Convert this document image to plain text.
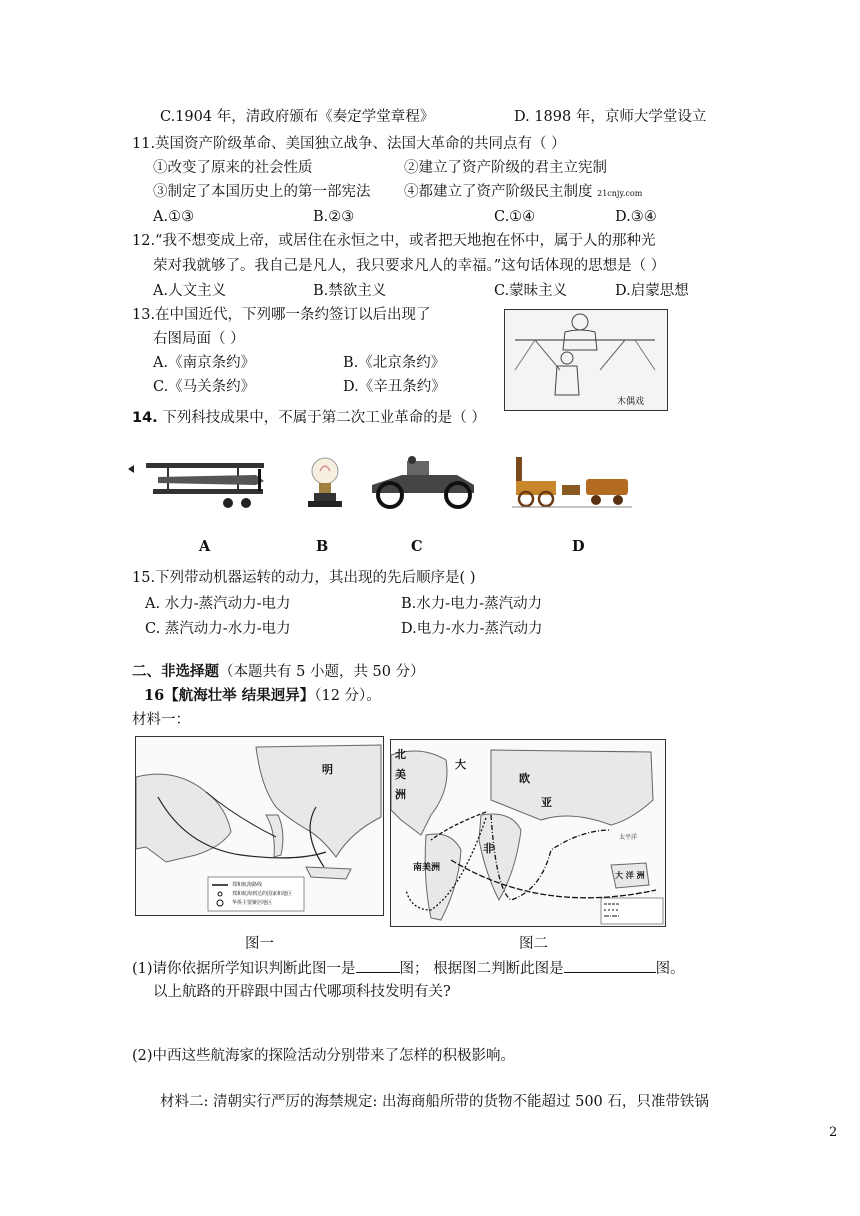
C.1904 年，清政府颁布《奏定学堂章程》	D. 1898 年，京师大学堂设立
11.英国资产阶级革命、美国独立战争、法国大革命的共同点有（ ）
①改变了原来的社会性质	②建立了资产阶级的君主立宪制
③制定了本国历史上的第一部宪法 ④都建立了资产阶级民主制度 21cnjy.com
A.①③	B.②③	C.①④	D.③④
12.“我不想变成上帝，或居住在永恒之中，或者把天地抱在怀中，属于人的那种光
荣对我就够了。我自己是凡人，我只要求凡人的幸福。”这句话体现的思想是（ ）
A.人文主义	B.禁欲主义	C.蒙昧主义	D.启蒙思想
13.在中国近代，下列哪一条约签订以后出现了
右图局面（ ）
A.《南京条约》	B.《北京条约》
C.《马关条约》	D.《辛丑条约》
木偶戏
14. 下列科技成果中，不属于第二次工业革命的是（ ）
A	B	C	D
15.下列带动机器运转的动力，其出现的先后顺序是( )
A. 水力-蒸汽动力-电力	B.水力-电力-蒸汽动力
C. 蒸汽动力-水力-电力	D.电力-水力-蒸汽动力
二、非选择题（本题共有 5 小题，共 50 分）
16【航海壮举 结果迥异】（12 分）。
材料一：
明
郑和航海路线
郑和航海到达的国家和地区
华侨主要聚居地区
北
美
洲
大
欧
亚
非
南美洲
太平洋
大 洋 洲
图一	图二
(1)请你依据所学知识判断此图一是	图； 根据图二判断此图是	图。
以上航路的开辟跟中国古代哪项科技发明有关?
(2)中西这些航海家的探险活动分别带来了怎样的积极影响。
材料二: 清朝实行严厉的海禁规定: 出海商船所带的货物不能超过 500 石，只准带铁锅
2
